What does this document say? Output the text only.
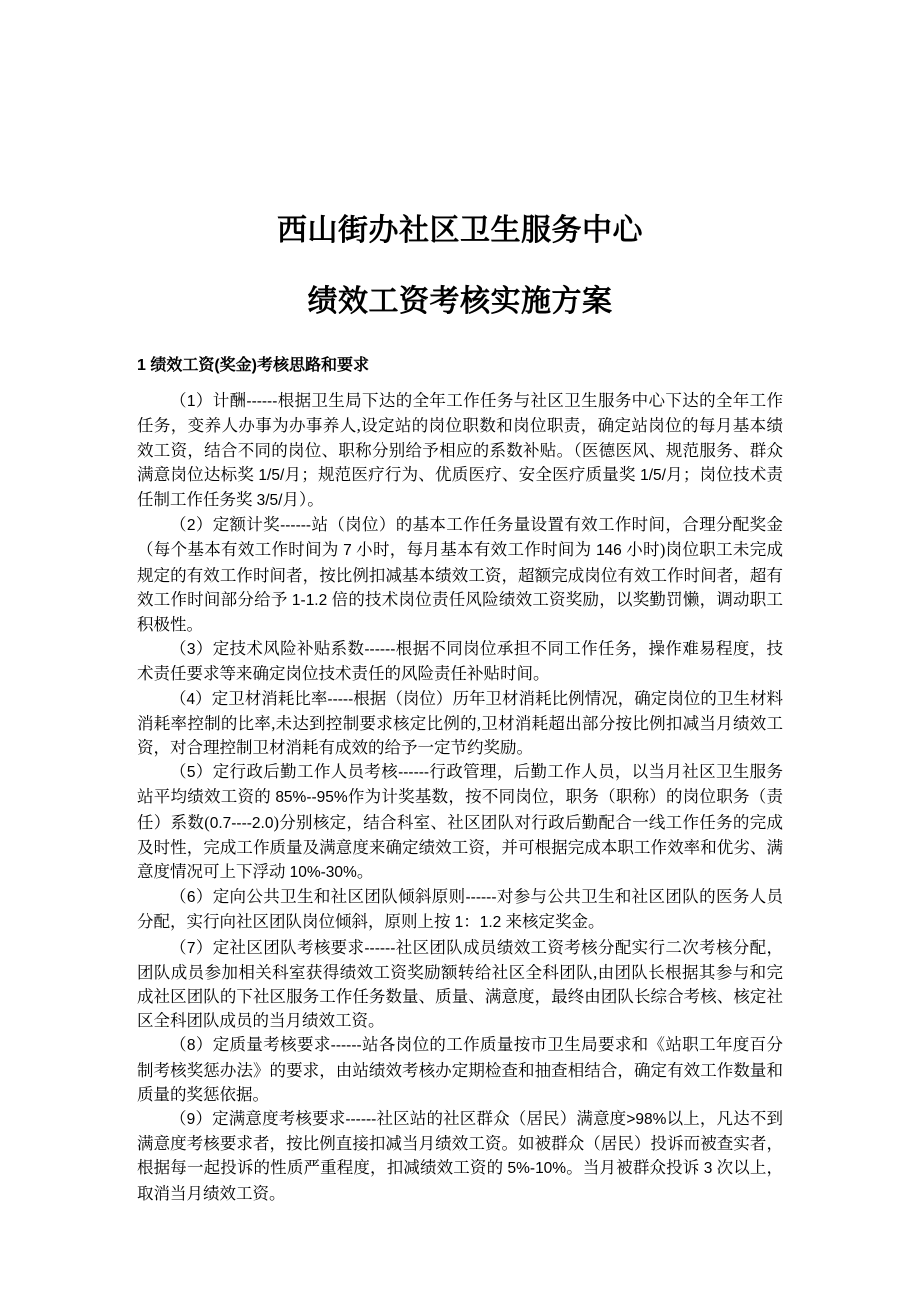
西山街办社区卫生服务中心
绩效工资考核实施方案
1 绩效工资(奖金)考核思路和要求

（1）计酬------根据卫生局下达的全年工作任务与社区卫生服务中心下达的全年工作任务，变养人办事为办事养人,设定站的岗位职数和岗位职责，确定站岗位的每月基本绩效工资，结合不同的岗位、职称分别给予相应的系数补贴。（医德医风、规范服务、群众满意岗位达标奖 1/5/月；规范医疗行为、优质医疗、安全医疗质量奖 1/5/月；岗位技术责任制工作任务奖 3/5/月）。

（2）定额计奖------站（岗位）的基本工作任务量设置有效工作时间，合理分配奖金（每个基本有效工作时间为 7 小时，每月基本有效工作时间为 146 小时)岗位职工未完成规定的有效工作时间者，按比例扣减基本绩效工资，超额完成岗位有效工作时间者，超有效工作时间部分给予 1-1.2 倍的技术岗位责任风险绩效工资奖励，以奖勤罚懒，调动职工积极性。

（3）定技术风险补贴系数------根据不同岗位承担不同工作任务，操作难易程度，技术责任要求等来确定岗位技术责任的风险责任补贴时间。

（4）定卫材消耗比率-----根据（岗位）历年卫材消耗比例情况，确定岗位的卫生材料消耗率控制的比率,未达到控制要求核定比例的,卫材消耗超出部分按比例扣减当月绩效工资，对合理控制卫材消耗有成效的给予一定节约奖励。

（5）定行政后勤工作人员考核------行政管理，后勤工作人员，以当月社区卫生服务站平均绩效工资的 85%--95%作为计奖基数，按不同岗位，职务（职称）的岗位职务（责任）系数(0.7----2.0)分别核定，结合科室、社区团队对行政后勤配合一线工作任务的完成及时性，完成工作质量及满意度来确定绩效工资，并可根据完成本职工作效率和优劣、满意度情况可上下浮动 10%-30%。

（6）定向公共卫生和社区团队倾斜原则------对参与公共卫生和社区团队的医务人员分配，实行向社区团队岗位倾斜，原则上按 1：1.2 来核定奖金。

（7）定社区团队考核要求------社区团队成员绩效工资考核分配实行二次考核分配，团队成员参加相关科室获得绩效工资奖励额转给社区全科团队,由团队长根据其参与和完成社区团队的下社区服务工作任务数量、质量、满意度，最终由团队长综合考核、核定社区全科团队成员的当月绩效工资。

（8）定质量考核要求------站各岗位的工作质量按市卫生局要求和《站职工年度百分制考核奖惩办法》的要求，由站绩效考核办定期检查和抽查相结合，确定有效工作数量和质量的奖惩依据。

（9）定满意度考核要求------社区站的社区群众（居民）满意度>98%以上，凡达不到满意度考核要求者，按比例直接扣减当月绩效工资。如被群众（居民）投诉而被查实者，根据每一起投诉的性质严重程度，扣减绩效工资的 5%-10%。当月被群众投诉 3 次以上，取消当月绩效工资。
